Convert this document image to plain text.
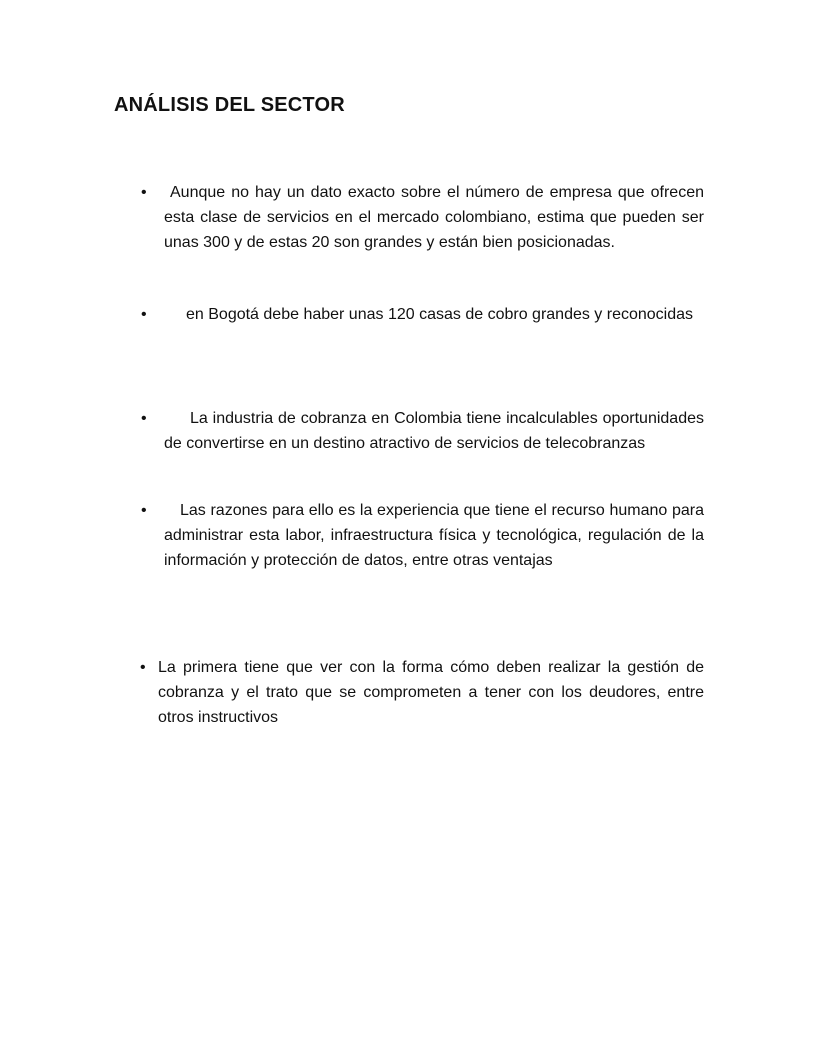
ANÁLISIS DEL SECTOR
•	Aunque no hay un dato exacto sobre el número de empresa que ofrecen esta clase de servicios en el mercado colombiano, estima que pueden ser unas 300 y de estas 20 son grandes y están bien posicionadas.
•	en Bogotá debe haber unas 120 casas de cobro grandes y reconocidas
•	La industria de cobranza en Colombia tiene incalculables oportunidades de convertirse en un destino atractivo de servicios de telecobranzas
•	Las razones para ello es la experiencia que tiene el recurso humano para administrar esta labor, infraestructura física y tecnológica, regulación de la información y protección de datos, entre otras ventajas
• La primera tiene que ver con la forma cómo deben realizar la gestión de cobranza y el trato que se comprometen a tener con los deudores, entre otros instructivos
